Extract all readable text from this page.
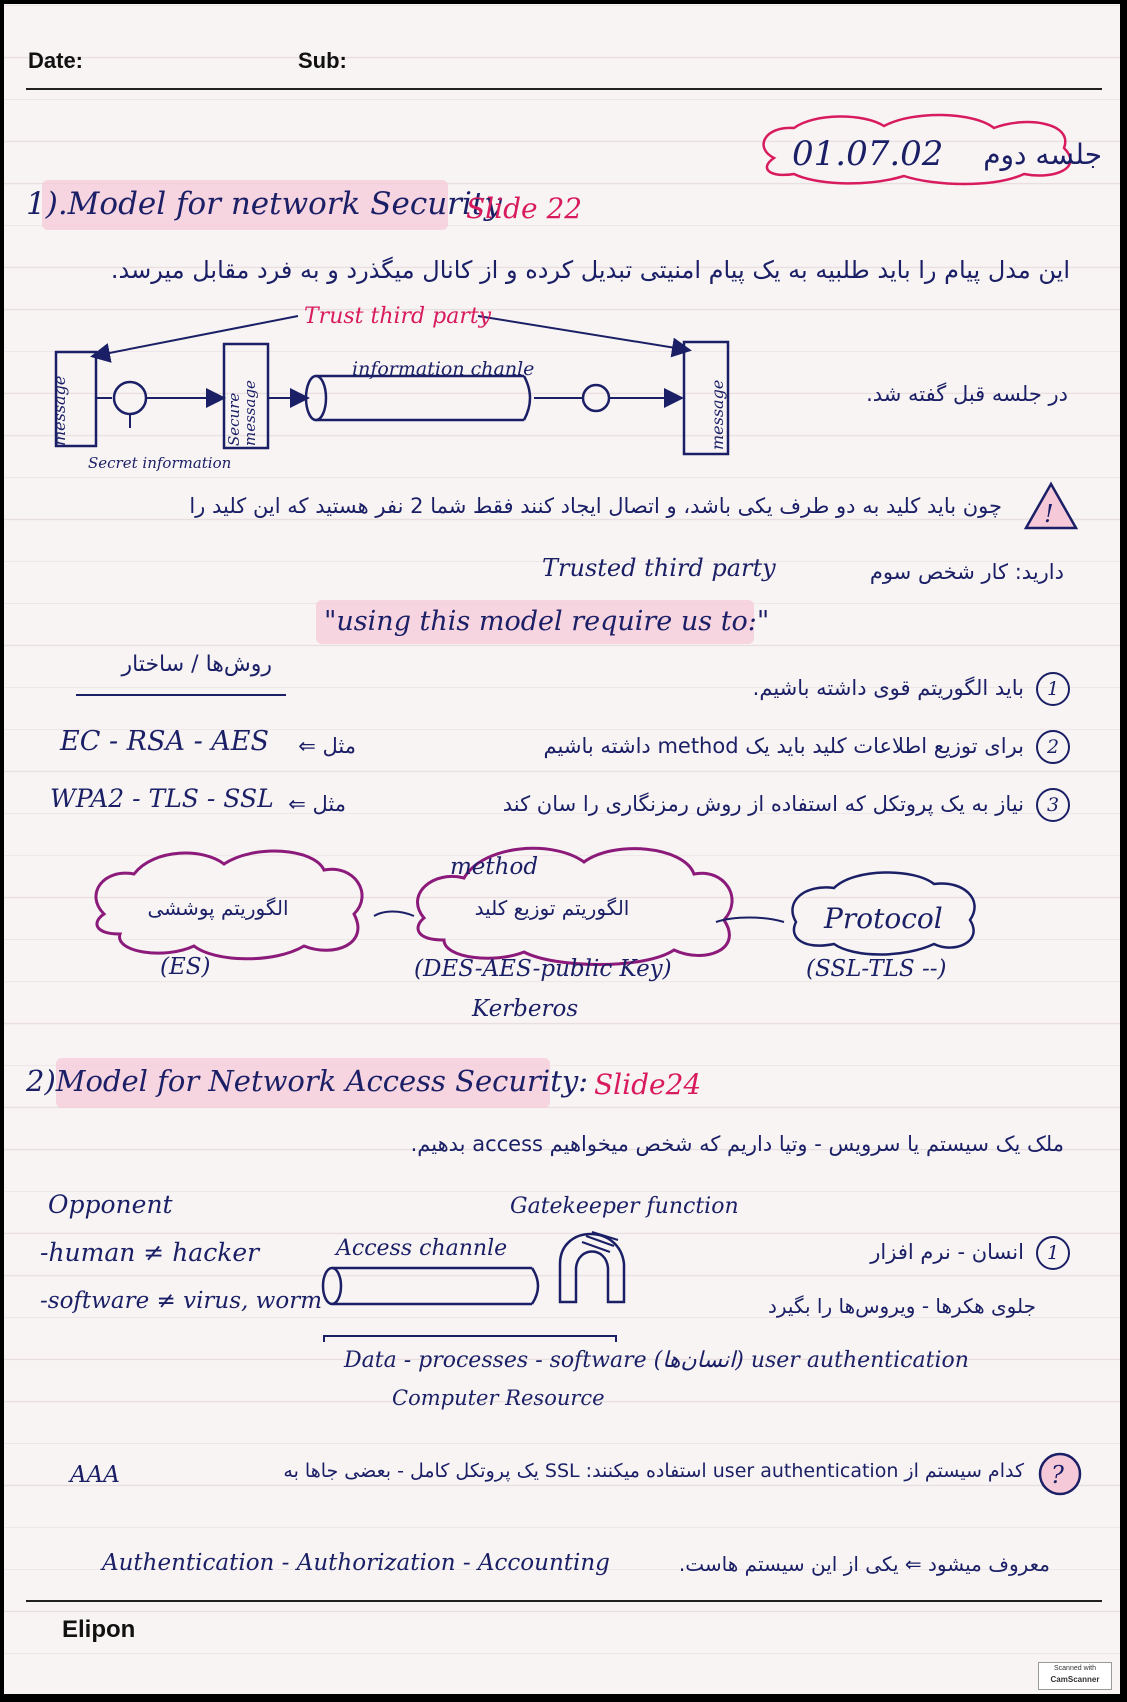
Date:	Sub:
01.07.02 جلسه دوم
1).Model for network Security
Slide 22
این مدل پیام را باید طلبیه به یک پیام امنیتی تبدیل کرده و از کانال میگذرد و به فرد مقابل میرسد.
Trust third party
message	Secure message
information chanle
message
Secret information
در جلسه قبل گفته شد.
!
چون باید کلید به دو طرف یکی باشد، و اتصال ایجاد کنند فقط شما 2 نفر هستید که این کلید را
دارید: کار شخص سوم
Trusted third party
"using this model require us to:"
روش‌ها / ساختار
1
باید الگوریتم قوی داشته باشیم.
2
برای توزیع اطلاعات کلید باید یک method داشته باشیم
مثل ⇐
EC - RSA - AES
3
نیاز به یک پروتکل که استفاده از روش رمزنگاری را سان کند
مثل ⇐
WPA2 - TLS - SSL
الگوریتم پوششی
(ES)
method
الگوریتم توزیع کلید
(DES-AES-public Key)
Kerberos
Protocol
(SSL-TLS --)
2)Model for Network Access Security: Slide24
ملک یک سیستم یا سرویس - وتیا داریم که شخص میخواهیم access بدهیم.
Opponent
-human ≠ hacker
-software ≠ virus, worm
Gatekeeper function
Access channle	1
انسان - نرم افزار
جلوی هکرها - ویروس‌ها را بگیرد
Data - processes - software (انسان‌ها) user authentication
Computer Resource
?
کدام سیستم از user authentication استفاده میکنند: SSL یک پروتکل کامل - بعضی جاها به
AAA
معروف میشود ⇐ یکی از این سیستم هاست.
Authentication - Authorization - Accounting
Elipon
Scanned with
CamScanner
